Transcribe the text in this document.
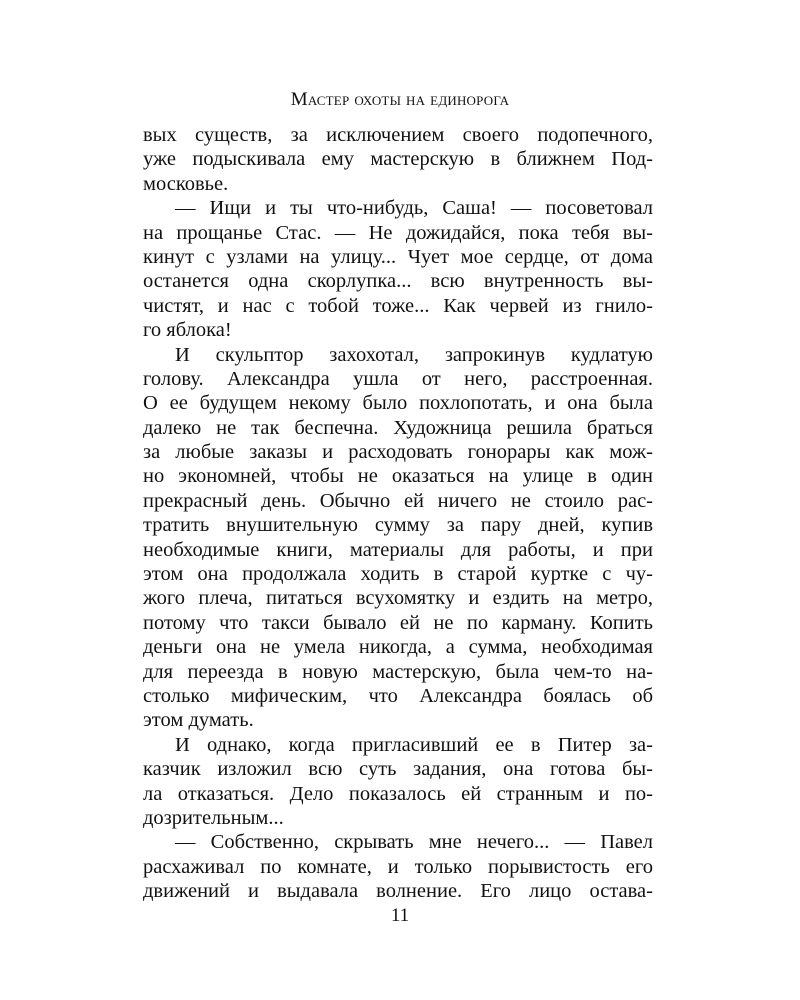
Мастер охоты на единорога
вых существ, за исключением своего подопечного,
уже подыскивала ему мастерскую в ближнем Под-
московье.
— Ищи и ты что-нибудь, Саша! — посоветовал
на прощанье Стас. — Не дожидайся, пока тебя вы-
кинут с узлами на улицу... Чует мое сердце, от дома
останется одна скорлупка... всю внутренность вы-
чистят, и нас с тобой тоже... Как червей из гнило-
го яблока!
И скульптор захохотал, запрокинув кудлатую
голову. Александра ушла от него, расстроенная.
О ее будущем некому было похлопотать, и она была
далеко не так беспечна. Художница решила браться
за любые заказы и расходовать гонорары как мож-
но экономней, чтобы не оказаться на улице в один
прекрасный день. Обычно ей ничего не стоило рас-
тратить внушительную сумму за пару дней, купив
необходимые книги, материалы для работы, и при
этом она продолжала ходить в старой куртке с чу-
жого плеча, питаться всухомятку и ездить на метро,
потому что такси бывало ей не по карману. Копить
деньги она не умела никогда, а сумма, необходимая
для переезда в новую мастерскую, была чем-то на-
столько мифическим, что Александра боялась об
этом думать.
И однако, когда пригласивший ее в Питер за-
казчик изложил всю суть задания, она готова бы-
ла отказаться. Дело показалось ей странным и по-
дозрительным...
— Собственно, скрывать мне нечего... — Павел
расхаживал по комнате, и только порывистость его
движений и выдавала волнение. Его лицо остава-
11
